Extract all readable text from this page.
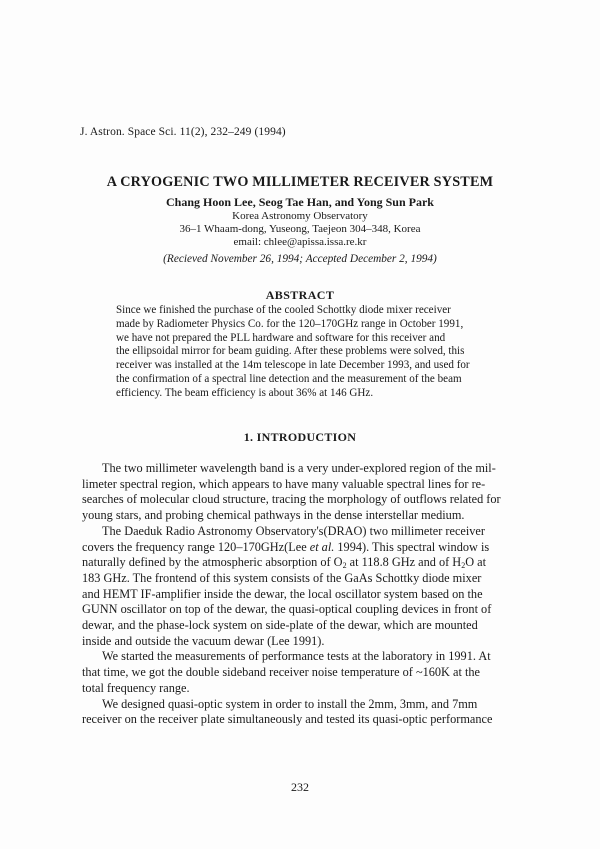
J. Astron. Space Sci. 11(2), 232–249 (1994)
A CRYOGENIC TWO MILLIMETER RECEIVER SYSTEM
Chang Hoon Lee, Seog Tae Han, and Yong Sun Park
Korea Astronomy Observatory
36–1 Whaam-dong, Yuseong, Taejeon 304–348, Korea
email: chlee@apissa.issa.re.kr
(Recieved November 26, 1994; Accepted December 2, 1994)
ABSTRACT
Since we finished the purchase of the cooled Schottky diode mixer receiver
made by Radiometer Physics Co. for the 120–170GHz range in October 1991,
we have not prepared the PLL hardware and software for this receiver and
the ellipsoidal mirror for beam guiding. After these problems were solved, this
receiver was installed at the 14m telescope in late December 1993, and used for
the confirmation of a spectral line detection and the measurement of the beam
efficiency. The beam efficiency is about 36% at 146 GHz.
1. INTRODUCTION
The two millimeter wavelength band is a very under-explored region of the mil-
limeter spectral region, which appears to have many valuable spectral lines for re-
searches of molecular cloud structure, tracing the morphology of outflows related for
young stars, and probing chemical pathways in the dense interstellar medium.
The Daeduk Radio Astronomy Observatory's(DRAO) two millimeter receiver
covers the frequency range 120–170GHz(Lee et al. 1994). This spectral window is
naturally defined by the atmospheric absorption of $O_2$ at 118.8 GHz and of $H_2O$ at
183 GHz. The frontend of this system consists of the GaAs Schottky diode mixer
and HEMT IF-amplifier inside the dewar, the local oscillator system based on the
GUNN oscillator on top of the dewar, the quasi-optical coupling devices in front of
dewar, and the phase-lock system on side-plate of the dewar, which are mounted
inside and outside the vacuum dewar (Lee 1991).
We started the measurements of performance tests at the laboratory in 1991. At
that time, we got the double sideband receiver noise temperature of ~160K at the
total frequency range.
We designed quasi-optic system in order to install the 2mm, 3mm, and 7mm
receiver on the receiver plate simultaneously and tested its quasi-optic performance
232
